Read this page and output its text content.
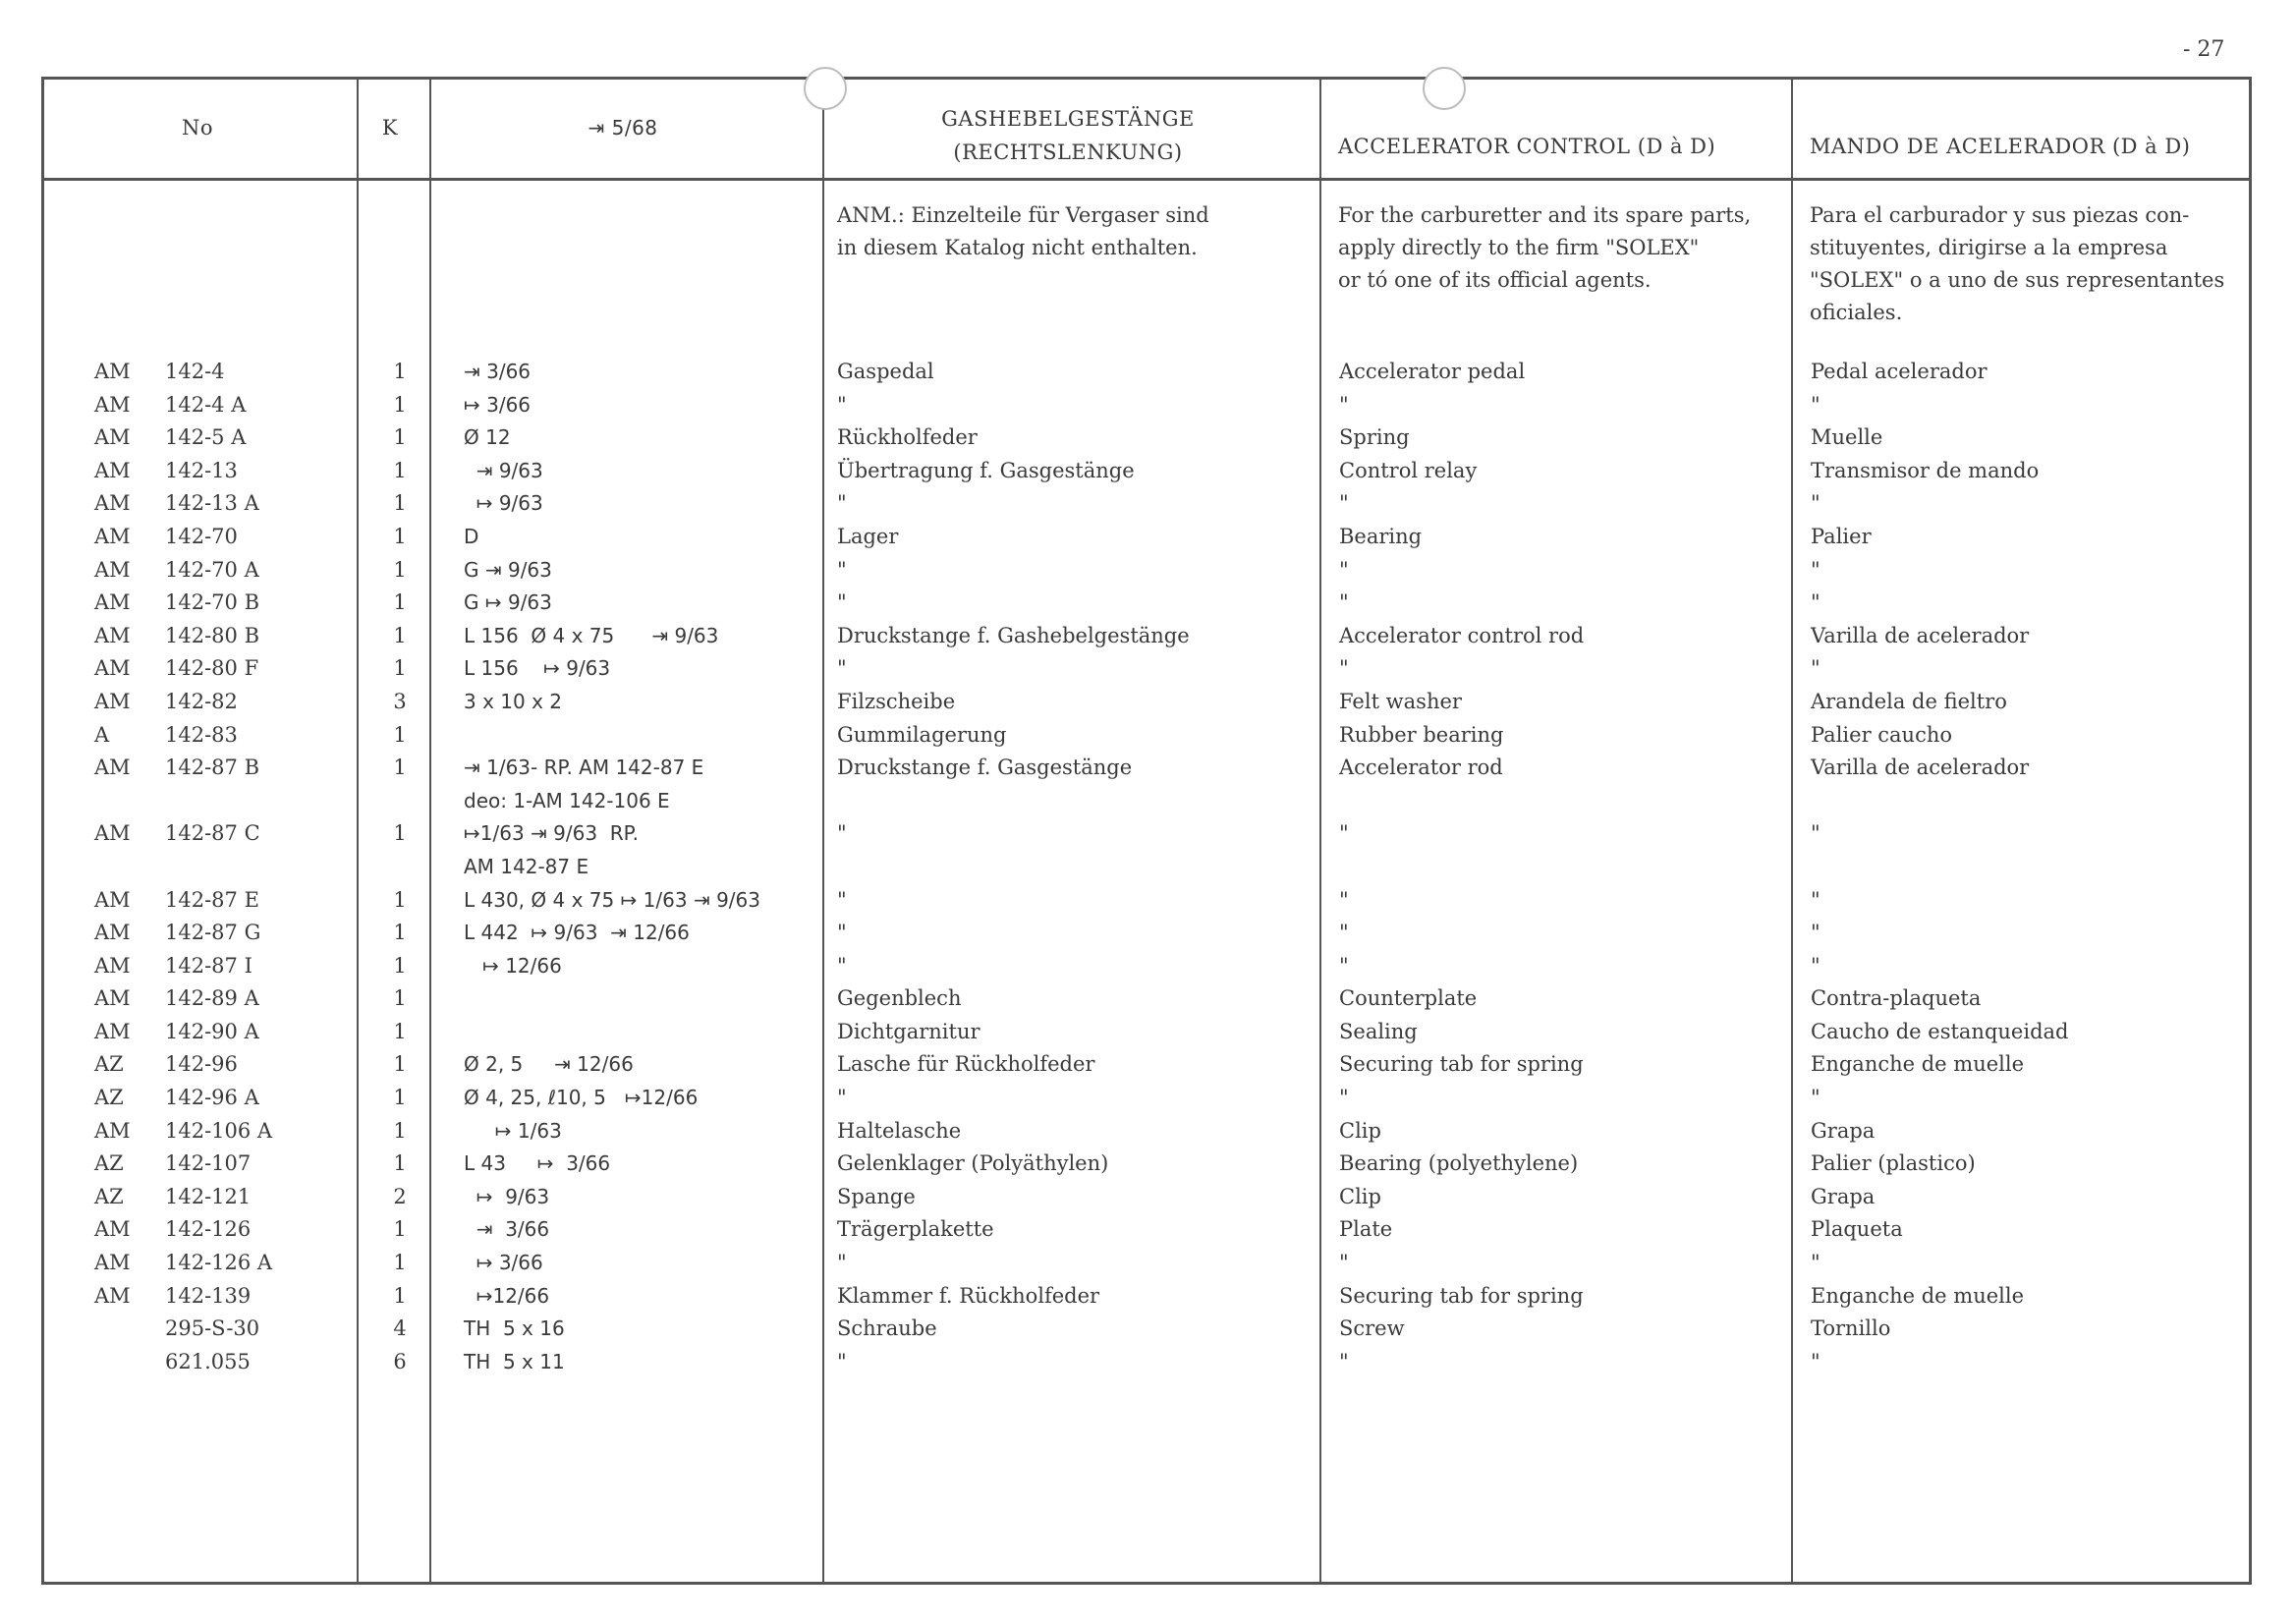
- 27
No	K	⇥ 5/68	GASHEBELGESTÄNGE
(RECHTSLENKUNG)	ACCELERATOR CONTROL (D à D)	MANDO DE ACELERADOR (D à D)
ANM.: Einzelteile für Vergaser sind
in diesem Katalog nicht enthalten.
For the carburetter and its spare parts,
apply directly to the firm "SOLEX"
or tó one of its official agents.
Para el carburador y sus piezas con-
stituyentes, dirigirse a la empresa
"SOLEX" o a uno de sus representantes
oficiales.
AM 142-4	1	⇥ 3/66	Gaspedal	Accelerator pedal	Pedal acelerador
AM 142-4 A	1	↦ 3/66	"	"	"
AM 142-5 A	1	Ø 12	Rückholfeder	Spring	Muelle
AM 142-13	1	⇥ 9/63	Übertragung f. Gasgestänge	Control relay	Transmisor de mando
AM 142-13 A	1	↦ 9/63	"	"	"
AM 142-70	1	D	Lager	Bearing	Palier
AM 142-70 A	1	G ⇥ 9/63	"	"	"
AM 142-70 B	1	G ↦ 9/63	"	"	"
AM 142-80 B	1	L 156  Ø 4 x 75      ⇥ 9/63	Druckstange f. Gashebelgestänge	Accelerator control rod	Varilla de acelerador
AM 142-80 F	1	L 156    ↦ 9/63	"	"	"
AM 142-82	3	3 x 10 x 2	Filzscheibe	Felt washer	Arandela de fieltro
A	142-83	1	Gummilagerung	Rubber bearing	Palier caucho
AM 142-87 B	1	⇥ 1/63- RP. AM 142-87 E	Druckstange f. Gasgestänge	Accelerator rod	Varilla de acelerador
deo: 1-AM 142-106 E
AM 142-87 C	1	↦1/63 ⇥ 9/63  RP.	"	"	"
AM 142-87 E
AM 142-87 E	1	L 430, Ø 4 x 75 ↦ 1/63 ⇥ 9/63	"	"	"
AM 142-87 G	1	L 442  ↦ 9/63  ⇥ 12/66	"	"	"
AM 142-87 I	1	↦ 12/66	"	"	"
AM 142-89 A	1	Gegenblech	Counterplate	Contra-plaqueta
AM 142-90 A	1	Dichtgarnitur	Sealing	Caucho de estanqueidad
AZ 142-96	1	Ø 2, 5     ⇥ 12/66	Lasche für Rückholfeder	Securing tab for spring	Enganche de muelle
AZ 142-96 A	1	Ø 4, 25, ℓ10, 5   ↦12/66	"	"	"
AM 142-106 A	1	↦ 1/63	Haltelasche	Clip	Grapa
AZ 142-107	1	L 43     ↦  3/66	Gelenklager (Polyäthylen)	Bearing (polyethylene)	Palier (plastico)
AZ 142-121	2	↦  9/63	Spange	Clip	Grapa
AM 142-126	1	⇥  3/66	Trägerplakette	Plate	Plaqueta
AM 142-126 A	1	↦ 3/66	"	"	"
AM 142-139	1	↦12/66	Klammer f. Rückholfeder	Securing tab for spring	Enganche de muelle
295-S-30	4	TH  5 x 16	Schraube	Screw	Tornillo
621.055	6	TH  5 x 11	"	"	"
